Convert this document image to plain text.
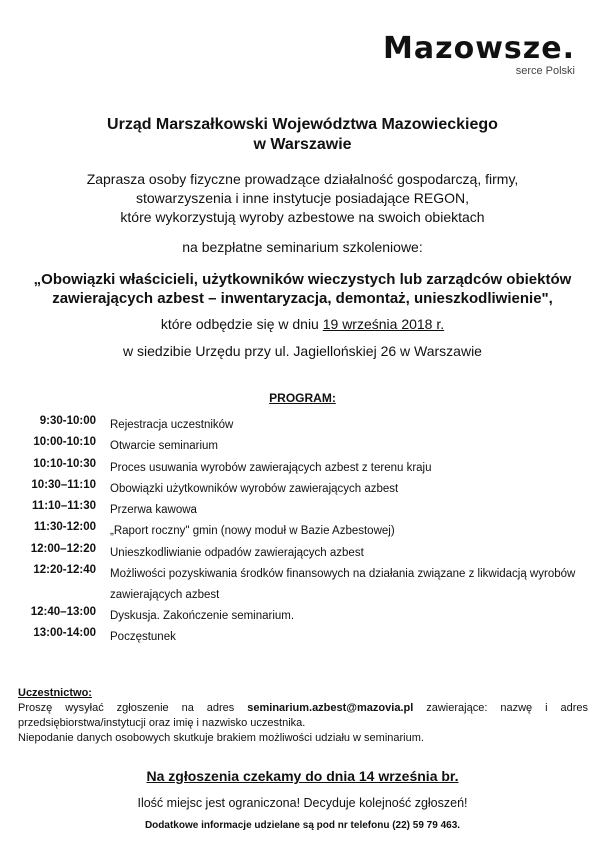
Mazowsze.
serce Polski
Urząd Marszałkowski Województwa Mazowieckiego
w Warszawie
Zaprasza osoby fizyczne prowadzące działalność gospodarczą, firmy,
stowarzyszenia i inne instytucje posiadające REGON,
które wykorzystują wyroby azbestowe na swoich obiektach
na bezpłatne seminarium szkoleniowe:
„Obowiązki właścicieli, użytkowników wieczystych lub zarządców obiektów
zawierających azbest – inwentaryzacja, demontaż, unieszkodliwienie",
które odbędzie się w dniu 19 września 2018 r.
w siedzibie Urzędu przy ul. Jagiellońskiej 26 w Warszawie
PROGRAM:
9:30-10:00	Rejestracja uczestników
10:00-10:10	Otwarcie seminarium
10:10-10:30	Proces usuwania wyrobów zawierających azbest z terenu kraju
10:30–11:10	Obowiązki użytkowników wyrobów zawierających azbest
11:10–11:30	Przerwa kawowa
11:30-12:00	„Raport roczny" gmin (nowy moduł w Bazie Azbestowej)
12:00–12:20	Unieszkodliwianie odpadów zawierających azbest
12:20-12:40	Możliwości pozyskiwania środków finansowych na działania związane z likwidacją wyrobów zawierających azbest
12:40–13:00	Dyskusja. Zakończenie seminarium.
13:00-14:00	Poczęstunek
Uczestnictwo:
Proszę wysyłać zgłoszenie na adres seminarium.azbest@mazovia.pl zawierające: nazwę i adres przedsiębiorstwa/instytucji oraz imię i nazwisko uczestnika.
Niepodanie danych osobowych skutkuje brakiem możliwości udziału w seminarium.
Na zgłoszenia czekamy do dnia 14 września br.
Ilość miejsc jest ograniczona! Decyduje kolejność zgłoszeń!
Dodatkowe informacje udzielane są pod nr telefonu (22) 59 79 463.
